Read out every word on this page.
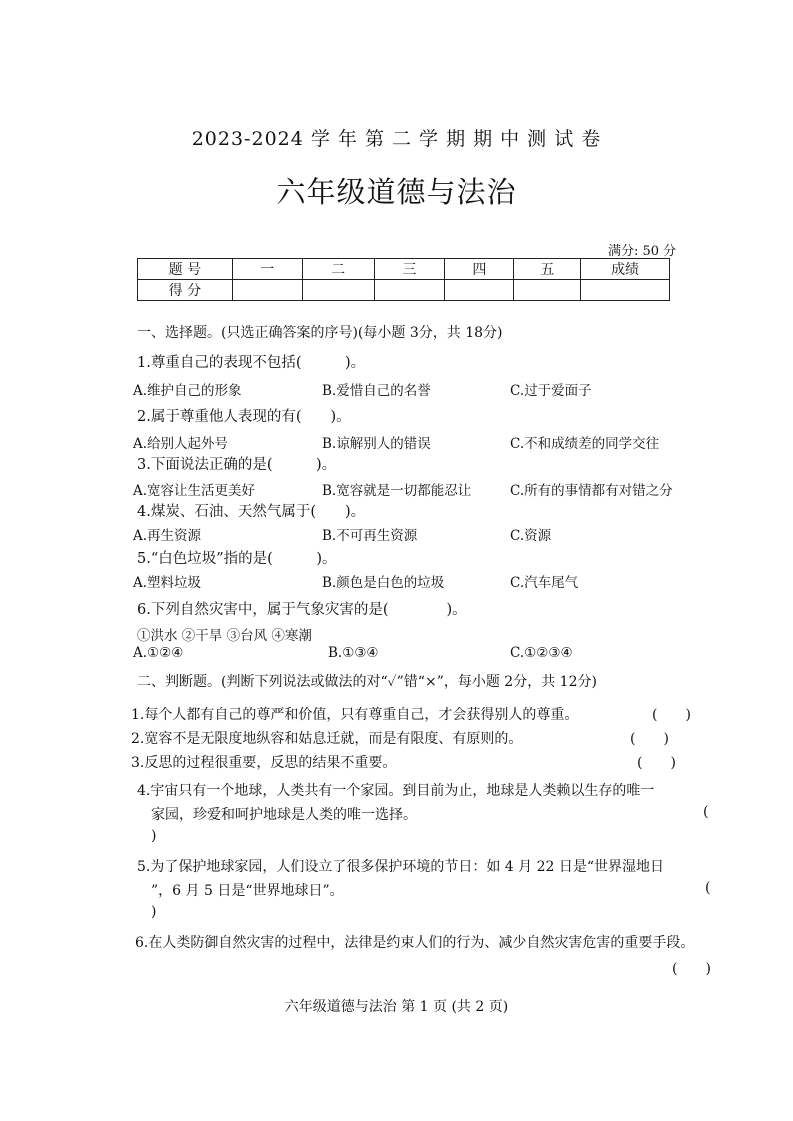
2023-2024 学 年 第 二 学 期 期 中 测 试 卷
六年级道德与法治
满分: 50 分
题 号	一	二	三	四	五	成绩
得 分						
一、选择题。(只选正确答案的序号)(每小题 3分，共 18分)
1.尊重自己的表现不包括(　　　)。
A.维护自己的形象	B.爱惜自己的名誉	C.过于爱面子
2.属于尊重他人表现的有(　　)。
A.给别人起外号	B.谅解别人的错误	C.不和成绩差的同学交往
3.下面说法正确的是(　　　)。
A.宽容让生活更美好	B.宽容就是一切都能忍让	C.所有的事情都有对错之分
4.煤炭、石油、天然气属于(　　)。
A.再生资源	B.不可再生资源	C.资源
5.“白色垃圾”指的是(　　　)。
A.塑料垃圾	B.颜色是白色的垃圾	C.汽车尾气
6.下列自然灾害中，属于气象灾害的是(　　　　)。
①洪水 ②干旱 ③台风 ④寒潮
A.①②④	B.①③④	C.①②③④
二、判断题。(判断下列说法或做法的对“✓”错“×”，每小题 2分，共 12分)
1.每个人都有自己的尊严和价值，只有尊重自己，才会获得别人的尊重。	(　　)
2.宽容不是无限度地纵容和姑息迁就，而是有限度、有原则的。	(　　)
3.反思的过程很重要，反思的结果不重要。	(　　)
4.宇宙只有一个地球，人类共有一个家园。到目前为止，地球是人类赖以生存的唯一
家园，珍爱和呵护地球是人类的唯一选择。	(
)
5.为了保护地球家园，人们设立了很多保护环境的节日：如 4 月 22 日是“世界湿地日
”，6 月 5 日是“世界地球日”。	(
)
6.在人类防御自然灾害的过程中，法律是约束人们的行为、减少自然灾害危害的重要手段。
(　　)
六年级道德与法治 第 1 页 (共 2 页)
